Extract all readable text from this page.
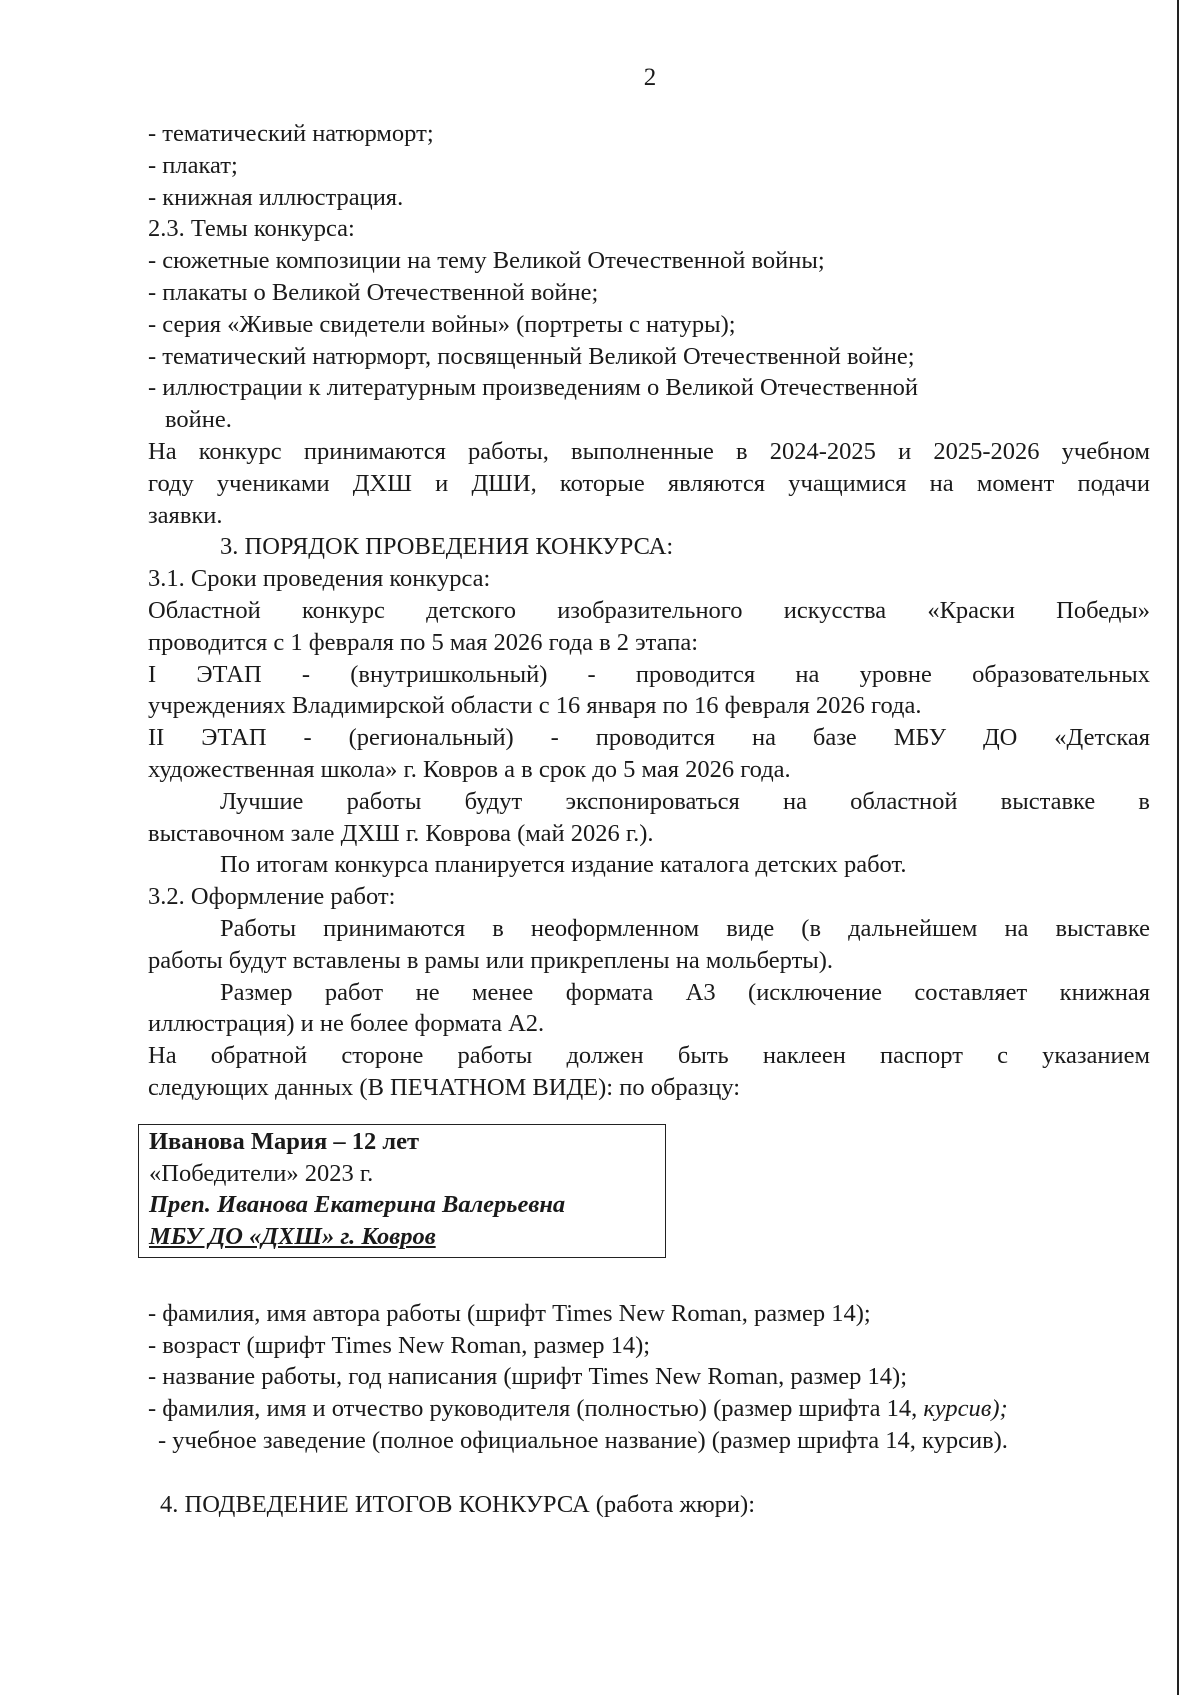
2
- тематический натюрморт;
- плакат;
- книжная иллюстрация.
2.3. Темы конкурса:
- сюжетные композиции на тему Великой Отечественной войны;
- плакаты о Великой Отечественной войне;
- серия «Живые свидетели войны» (портреты с натуры);
- тематический натюрморт, посвященный Великой Отечественной войне;
- иллюстрации к литературным произведениям о Великой Отечественной
войне.
На конкурс принимаются работы, выполненные в 2024-2025 и 2025-2026 учебном
году учениками ДХШ и ДШИ, которые являются учащимися на момент подачи
заявки.
3. ПОРЯДОК ПРОВЕДЕНИЯ КОНКУРСА:
3.1. Сроки проведения конкурса:
Областной конкурс детского изобразительного искусства «Краски Победы»
проводится с 1 февраля по 5 мая 2026 года в 2 этапа:
I ЭТАП - (внутришкольный) - проводится на уровне образовательных
учреждениях Владимирской области с 16 января по 16 февраля 2026 года.
II ЭТАП - (региональный) - проводится на базе МБУ ДО «Детская
художественная школа» г. Ковров а в срок до 5 мая 2026 года.
Лучшие работы будут экспонироваться на областной выставке в
выставочном зале ДХШ г. Коврова (май 2026 г.).
По итогам конкурса планируется издание каталога детских работ.
3.2. Оформление работ:
Работы принимаются в неоформленном виде (в дальнейшем на выставке
работы будут вставлены в рамы или прикреплены на мольберты).
Размер работ не менее формата А3 (исключение составляет книжная
иллюстрация) и не более формата А2.
На обратной стороне работы должен быть наклеен паспорт с указанием
следующих данных (В ПЕЧАТНОМ ВИДЕ): по образцу:
Иванова Мария – 12 лет
«Победители» 2023 г.
Преп. Иванова Екатерина Валерьевна
МБУ ДО «ДХШ» г. Ковров
- фамилия, имя автора работы (шрифт Times New Roman, размер 14);
- возраст (шрифт Times New Roman, размер 14);
- название работы, год написания (шрифт Times New Roman, размер 14);
- фамилия, имя и отчество руководителя (полностью) (размер шрифта 14, курсив);
- учебное заведение (полное официальное название) (размер шрифта 14, курсив).
4. ПОДВЕДЕНИЕ ИТОГОВ КОНКУРСА (работа жюри):
